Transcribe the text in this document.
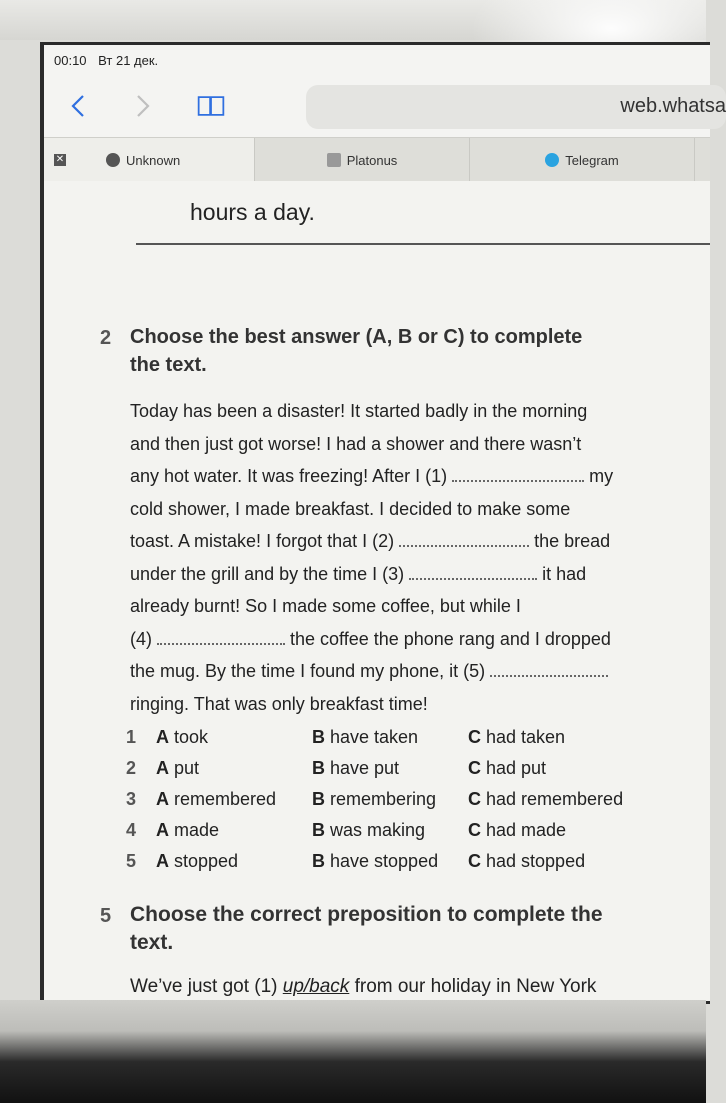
00:10 Вт 21 дек.
web.whatsa
✕	Unknown	Platonus	Telegram
hours a day.
2 Choose the best answer (A, B or C) to complete
the text.

Today has been a disaster! It started badly in the morning

and then just got worse! I had a shower and there wasn’t

any hot water. It was freezing! After I (1)	my

cold shower, I made breakfast. I decided to make some

toast. A mistake! I forgot that I (2)	the bread

under the grill and by the time I (3)	it had

already burnt! So I made some coffee, but while I

(4)	the coffee the phone rang and I dropped

the mug. By the time I found my phone, it (5)

ringing. That was only breakfast time!

1 A took	B have taken	C had taken
2 A put	B have put	C had put
3 A remembered B remembering C had remembered
4 A made	B was making C had made
5 A stopped	B have stopped C had stopped
5 Choose the correct preposition to complete the
text.

We’ve just got (1) up/back from our holiday in New York
